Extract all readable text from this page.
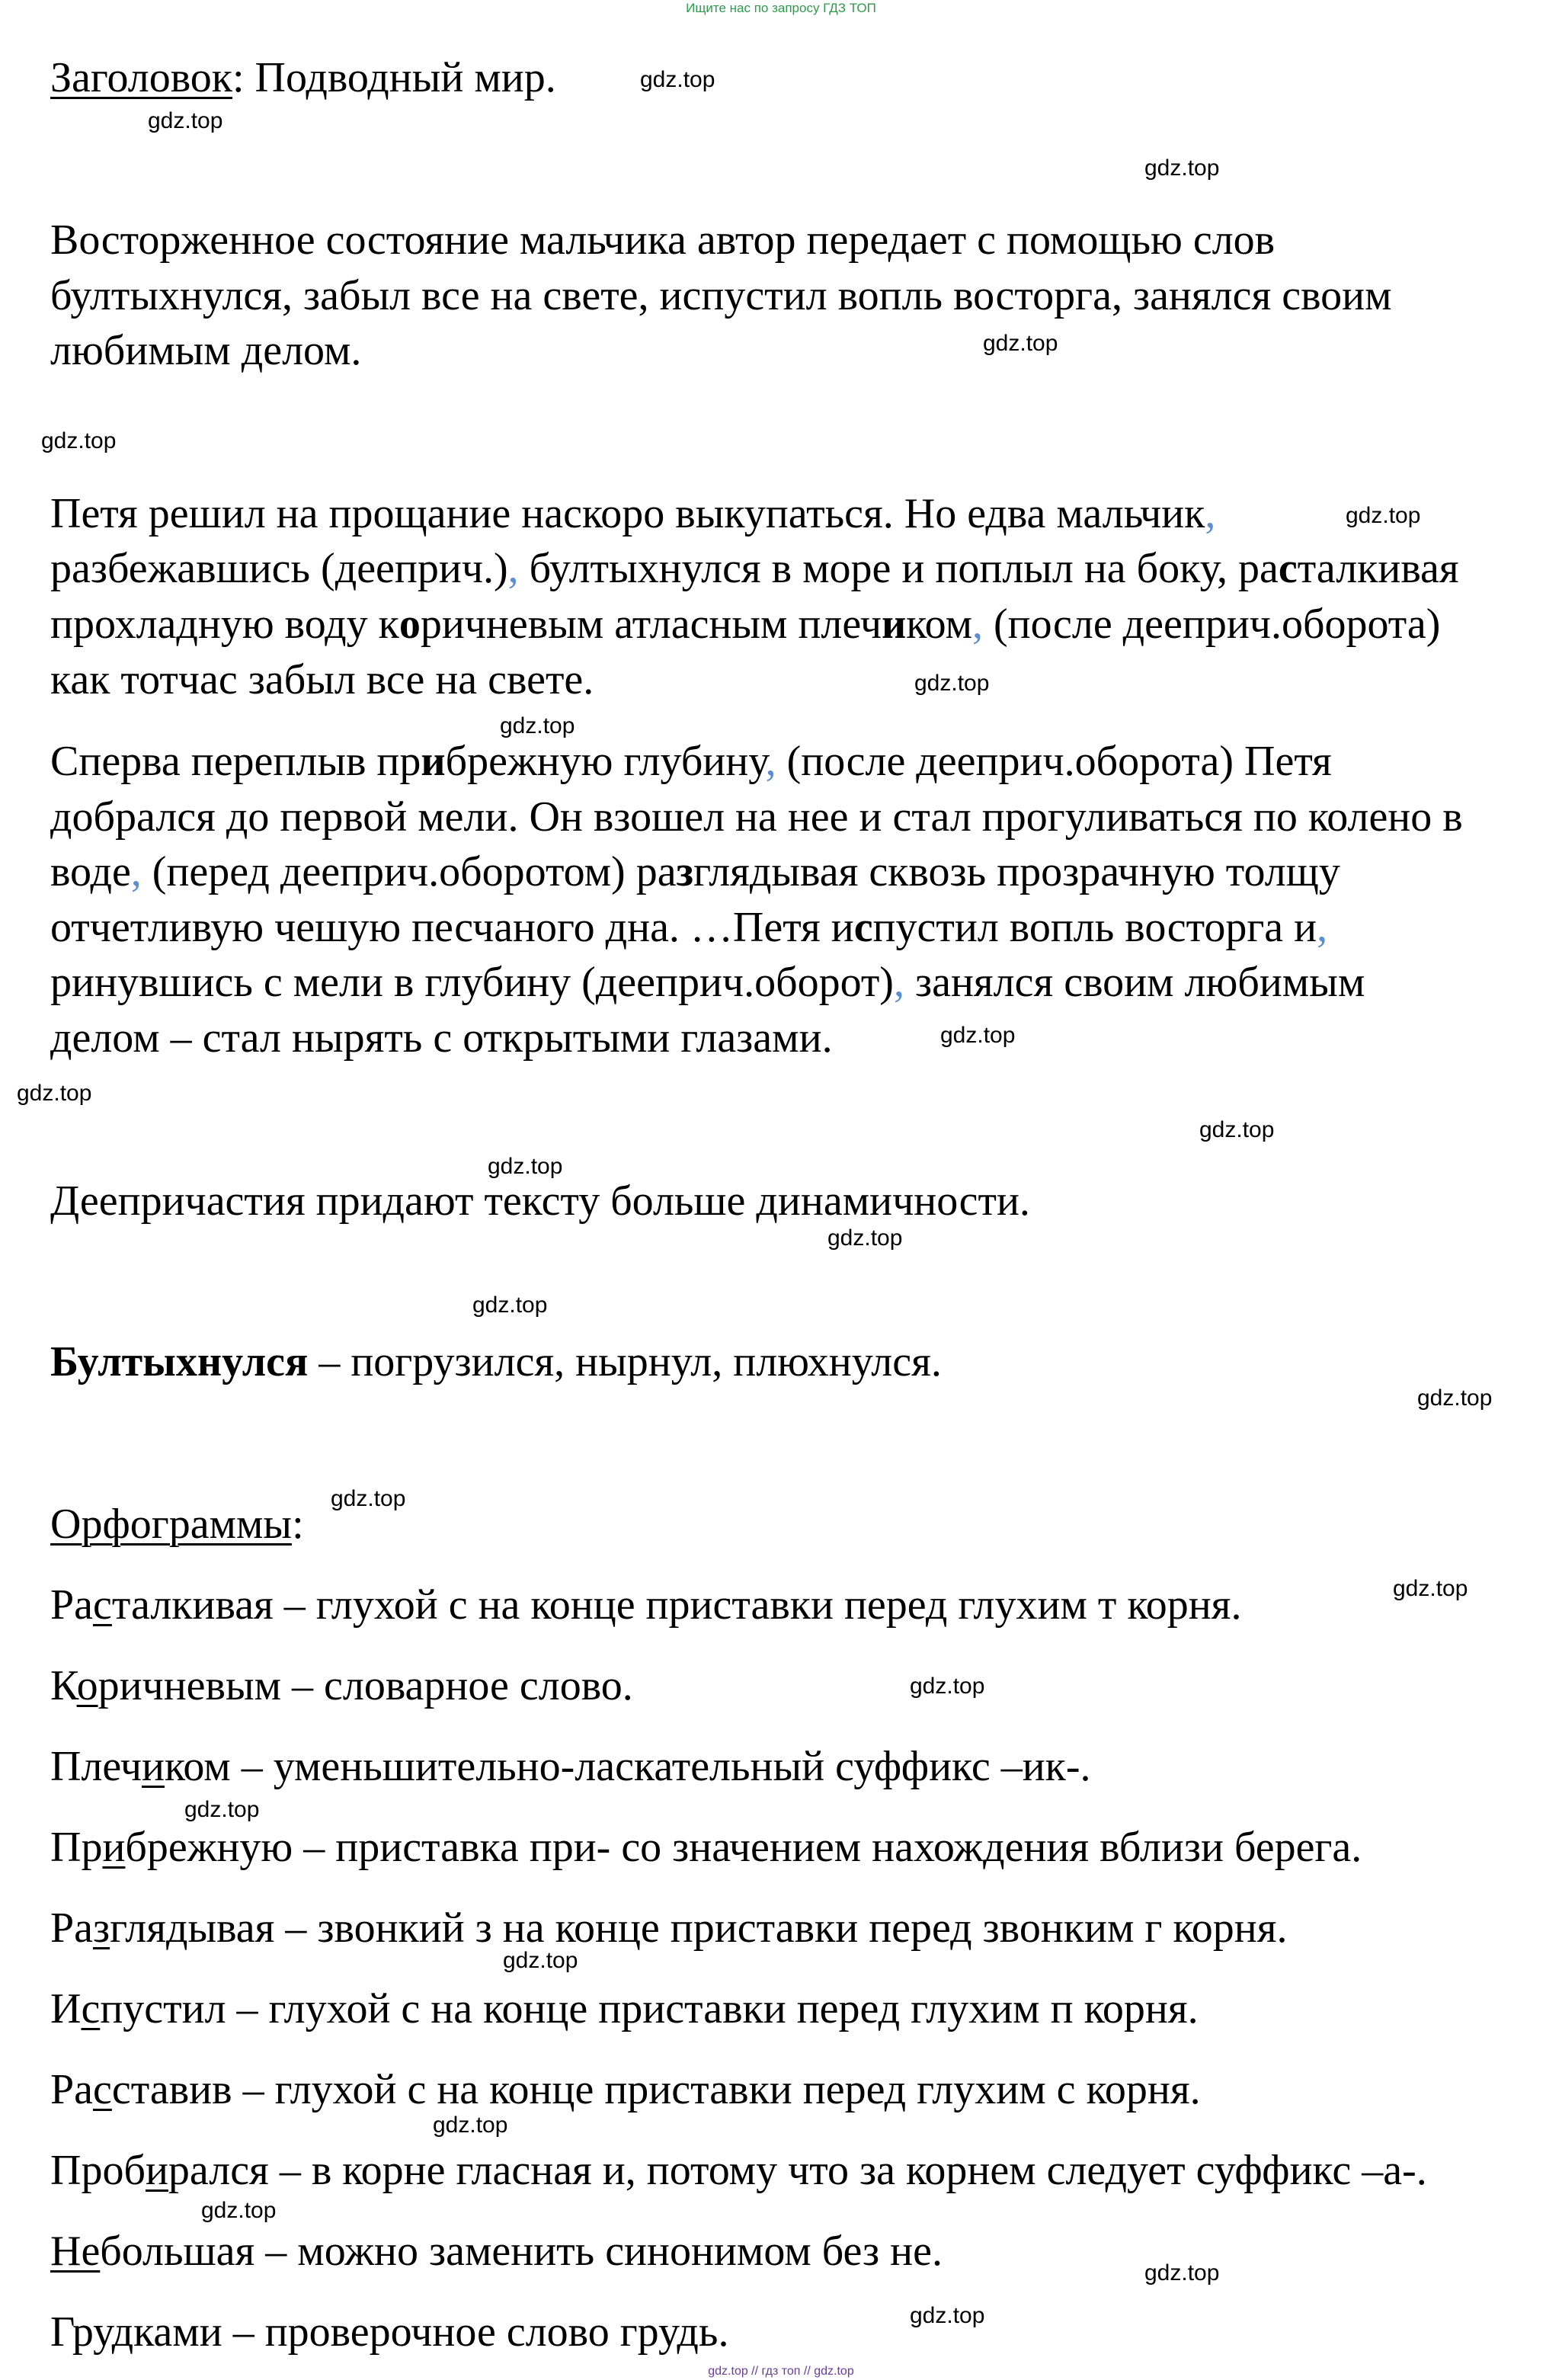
Ищите нас по запросу ГДЗ ТОП
Заголовок: Подводный мир.
Восторженное состояние мальчика автор передает с помощью слов
бултыхнулся, забыл все на свете, испустил вопль восторга, занялся своим
любимым делом.
Петя решил на прощание наскоро выкупаться. Но едва мальчик,
разбежавшись (дееприч.), бултыхнулся в море и поплыл на боку, расталкивая
прохладную воду коричневым атласным плечиком, (после дееприч.оборота)
как тотчас забыл все на свете.
Сперва переплыв прибрежную глубину, (после дееприч.оборота) Петя
добрался до первой мели. Он взошел на нее и стал прогуливаться по колено в
воде, (перед дееприч.оборотом) разглядывая сквозь прозрачную толщу
отчетливую чешую песчаного дна. …Петя испустил вопль восторга и,
ринувшись с мели в глубину (дееприч.оборот), занялся своим любимым
делом – стал нырять с открытыми глазами.
Деепричастия придают тексту больше динамичности.
Бултыхнулся – погрузился, нырнул, плюхнулся.
Орфограммы:
Расталкивая – глухой с на конце приставки перед глухим т корня.
Коричневым – словарное слово.
Плечиком – уменьшительно-ласкательный суффикс –ик-.
Прибрежную – приставка при- со значением нахождения вблизи берега.
Разглядывая – звонкий з на конце приставки перед звонким г корня.
Испустил – глухой с на конце приставки перед глухим п корня.
Расставив – глухой с на конце приставки перед глухим с корня.
Пробирался – в корне гласная и, потому что за корнем следует суффикс –а-.
Небольшая – можно заменить синонимом без не.
Грудками – проверочное слово грудь.
gdz.top
gdz.top
gdz.top
gdz.top
gdz.top
gdz.top
gdz.top
gdz.top
gdz.top
gdz.top
gdz.top
gdz.top
gdz.top
gdz.top
gdz.top
gdz.top
gdz.top
gdz.top
gdz.top
gdz.top
gdz.top
gdz.top
gdz.top
gdz.top
gdz.top // гдз топ // gdz.top
